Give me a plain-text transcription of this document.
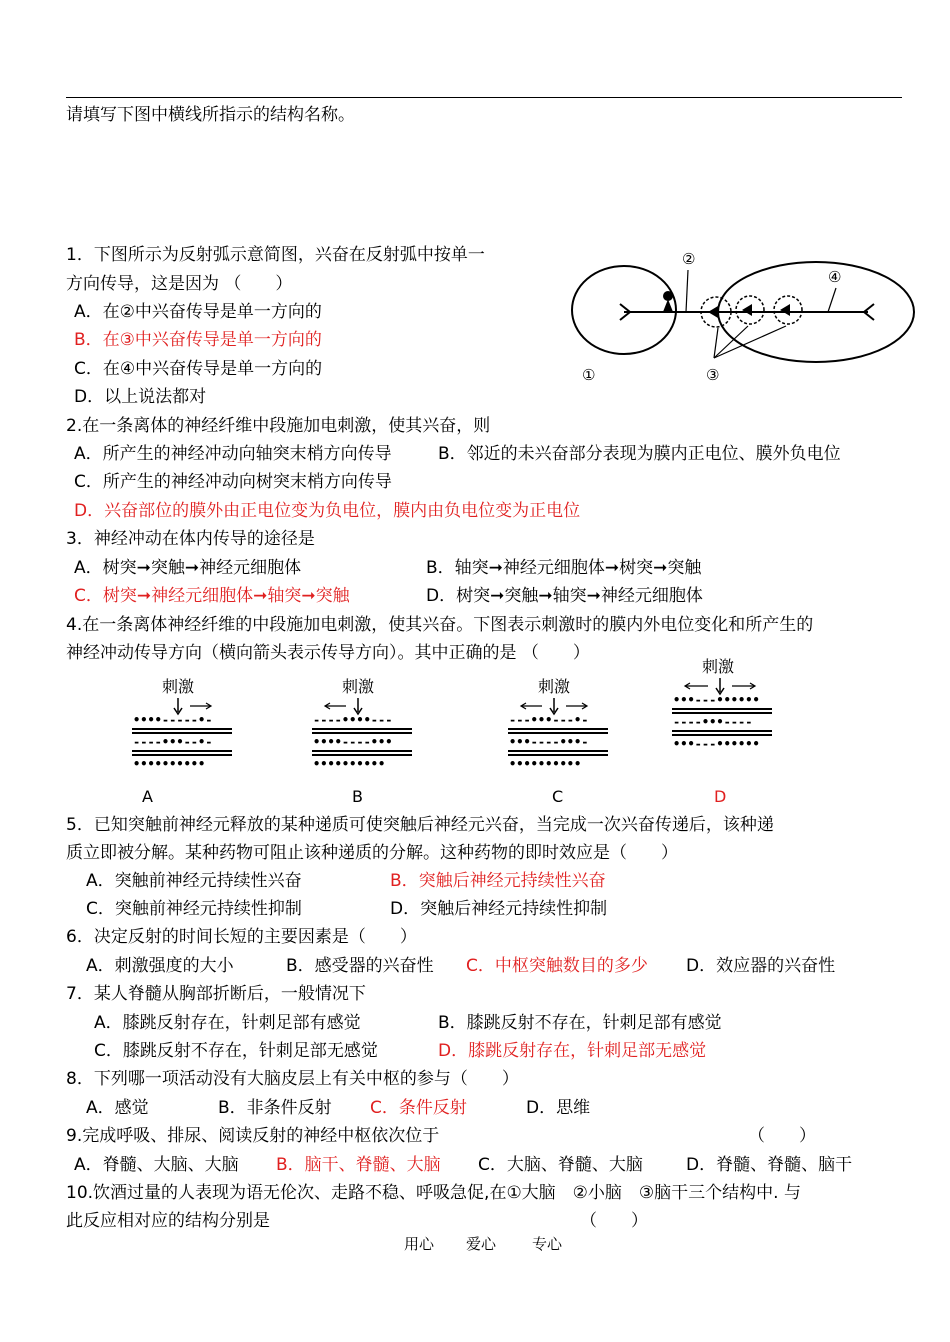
请填写下图中横线所指示的结构名称。
1．下图所示为反射弧示意简图，兴奋在反射弧中按单一
方向传导，这是因为 （　　）
A．在②中兴奋传导是单一方向的
B．在③中兴奋传导是单一方向的
C．在④中兴奋传导是单一方向的
D．以上说法都对
①
②
③
④
2.在一条离体的神经纤维中段施加电刺激，使其兴奋，则
A．所产生的神经冲动向轴突末梢方向传导	B．邻近的未兴奋部分表现为膜内正电位、膜外负电位
C．所产生的神经冲动向树突末梢方向传导
D．兴奋部位的膜外由正电位变为负电位，膜内由负电位变为正电位
3．神经冲动在体内传导的途径是
A．树突➞突触➞神经元细胞体	B．轴突➞神经元细胞体➞树突➞突触
C．树突➞神经元细胞体➞轴突➞突触	D．树突➞突触➞轴突➞神经元细胞体
4.在一条离体神经纤维的中段施加电刺激，使其兴奋。下图表示刺激时的膜内外电位变化和所产生的
神经冲动传导方向（横向箭头表示传导方向）。其中正确的是 （　　）
刺激
••••-----•-
----•••--•-
••••••••••
A
刺激
----••••---
••••----•••
••••••••••
B
刺激
---•••---•-
•••----•••-
••••••••••
C
刺激
•••---••••••
----•••----
•••---••••••
D
5．已知突触前神经元释放的某种递质可使突触后神经元兴奋，当完成一次兴奋传递后，该种递
质立即被分解。某种药物可阻止该种递质的分解。这种药物的即时效应是（　　）
A．突触前神经元持续性兴奋	B．突触后神经元持续性兴奋
C．突触前神经元持续性抑制	D．突触后神经元持续性抑制
6．决定反射的时间长短的主要因素是（　　）
A．刺激强度的大小	B．感受器的兴奋性 C．中枢突触数目的多少 D．效应器的兴奋性
7．某人脊髓从胸部折断后，一般情况下
A．膝跳反射存在，针刺足部有感觉	B．膝跳反射不存在，针刺足部有感觉
C．膝跳反射不存在，针刺足部无感觉	D．膝跳反射存在，针刺足部无感觉
8．下列哪一项活动没有大脑皮层上有关中枢的参与（　　）
A．感觉	B．非条件反射 C．条件反射	D．思维
9.完成呼吸、排尿、阅读反射的神经中枢依次位于	（　　）
A．脊髓、大脑、大脑 B．脑干、脊髓、大脑 C．大脑、脊髓、大脑	D．脊髓、脊髓、脑干
10.饮酒过量的人表现为语无伦次、走路不稳、呼吸急促,在①大脑　②小脑　③脑干三个结构中. 与
此反应相对应的结构分别是	（　　）
用心 爱心 专心
